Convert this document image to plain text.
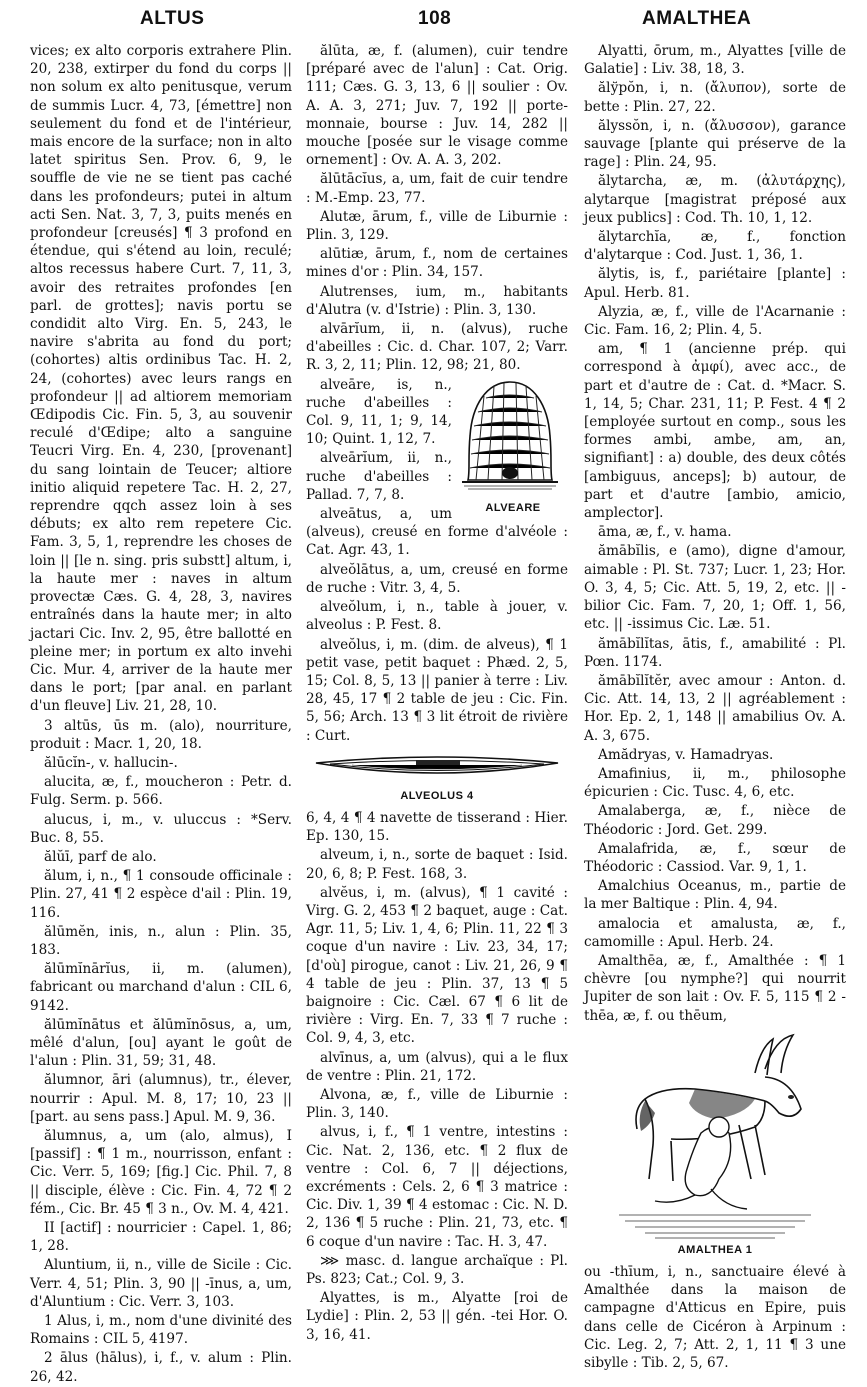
ALTUS	108	AMALTHEA

vices; ex alto corporis extrahere Plin. 20, 238, extirper du fond du corps || non solum ex alto penitusque, verum de summis Lucr. 4, 73, [émettre] non seulement du fond et de l'intérieur, mais encore de la surface; non in alto latet spiritus Sen. Prov. 6, 9, le souffle de vie ne se tient pas caché dans les profondeurs; putei in altum acti Sen. Nat. 3, 7, 3, puits menés en profondeur [creusés] ¶ 3 profond en étendue, qui s'étend au loin, reculé; altos recessus habere Curt. 7, 11, 3, avoir des retraites profondes [en parl. de grottes]; navis portu se condidit alto Virg. En. 5, 243, le navire s'abrita au fond du port; (cohortes) altis ordinibus Tac. H. 2, 24, (cohortes) avec leurs rangs en profondeur || ad altiorem memoriam Œdipodis Cic. Fin. 5, 3, au souvenir reculé d'Œdipe; alto a sanguine Teucri Virg. En. 4, 230, [provenant] du sang lointain de Teucer; altiore initio aliquid repetere Tac. H. 2, 27, reprendre qqch assez loin à ses débuts; ex alto rem repetere Cic. Fam. 3, 5, 1, reprendre les choses de loin || [le n. sing. pris substt] altum, i, la haute mer : naves in altum provectæ Cæs. G. 4, 28, 3, navires entraînés dans la haute mer; in alto jactari Cic. Inv. 2, 95, être ballotté en pleine mer; in portum ex alto invehi Cic. Mur. 4, arriver de la haute mer dans le port; [par anal. en parlant d'un fleuve] Liv. 21, 28, 10.

3 altūs, ūs m. (alo), nourriture, produit : Macr. 1, 20, 18.

ălūcĭn-, v. hallucin-.

alucita, æ, f., moucheron : Petr. d. Fulg. Serm. p. 566.

alucus, i, m., v. uluccus : *Serv. Buc. 8, 55.

ălŭī, parf de alo.

ălum, i, n., ¶ 1 consoude officinale : Plin. 27, 41 ¶ 2 espèce d'ail : Plin. 19, 116.

ălūmĕn, inis, n., alun : Plin. 35, 183.

ălūmĭnārĭus, ii, m. (alumen), fabricant ou marchand d'alun : CIL 6, 9142.

ălūmĭnātus et ălūmĭnōsus, a, um, mêlé d'alun, [ou] ayant le goût de l'alun : Plin. 31, 59; 31, 48.

ălumnor, āri (alumnus), tr., élever, nourrir : Apul. M. 8, 17; 10, 23 || [part. au sens pass.] Apul. M. 9, 36.

ălumnus, a, um (alo, almus), I [passif] : ¶ 1 m., nourrisson, enfant : Cic. Verr. 5, 169; [fig.] Cic. Phil. 7, 8 || disciple, élève : Cic. Fin. 4, 72 ¶ 2 fém., Cic. Br. 45 ¶ 3 n., Ov. M. 4, 421.

II [actif] : nourricier : Capel. 1, 86; 1, 28.

Aluntium, ii, n., ville de Sicile : Cic. Verr. 4, 51; Plin. 3, 90 || -īnus, a, um, d'Aluntium : Cic. Verr. 3, 103.

1 Alus, i, m., nom d'une divinité des Romains : CIL 5, 4197.

2 ālus (hālus), i, f., v. alum : Plin. 26, 42.

ălūta, æ, f. (alumen), cuir tendre [préparé avec de l'alun] : Cat. Orig. 111; Cæs. G. 3, 13, 6 || soulier : Ov. A. A. 3, 271; Juv. 7, 192 || porte-monnaie, bourse : Juv. 14, 282 || mouche [posée sur le visage comme ornement] : Ov. A. A. 3, 202.

ălūtācĭus, a, um, fait de cuir tendre : M.-Emp. 23, 77.

Alutæ, ārum, f., ville de Liburnie : Plin. 3, 129.

alūtiæ, ārum, f., nom de certaines mines d'or : Plin. 34, 157.

Alutrenses, ium, m., habitants d'Alutra (v. d'Istrie) : Plin. 3, 130.

alvārĭum, ii, n. (alvus), ruche d'abeilles : Cic. d. Char. 107, 2; Varr. R. 3, 2, 11; Plin. 12, 98; 21, 80.

ALVEARE

alveāre, is, n., ruche d'abeilles : Col. 9, 11, 1; 9, 14, 10; Quint. 1, 12, 7.

alveārĭum, ii, n., ruche d'abeilles : Pallad. 7, 7, 8.

alveātus, a, um (alveus), creusé en forme d'alvéole : Cat. Agr. 43, 1.

alveŏlātus, a, um, creusé en forme de ruche : Vitr. 3, 4, 5.

alveŏlum, i, n., table à jouer, v. alveolus : P. Fest. 8.

alveŏlus, i, m. (dim. de alveus), ¶ 1 petit vase, petit baquet : Phæd. 2, 5, 15; Col. 8, 5, 13 || panier à terre : Liv. 28, 45, 17 ¶ 2 table de jeu : Cic. Fin. 5, 56; Arch. 13 ¶ 3 lit étroit de rivière : Curt.

ALVEOLUS 4

6, 4, 4 ¶ 4 navette de tisserand : Hier. Ep. 130, 15.

alveum, i, n., sorte de baquet : Isid. 20, 6, 8; P. Fest. 168, 3.

alvĕus, i, m. (alvus), ¶ 1 cavité : Virg. G. 2, 453 ¶ 2 baquet, auge : Cat. Agr. 11, 5; Liv. 1, 4, 6; Plin. 11, 22 ¶ 3 coque d'un navire : Liv. 23, 34, 17; [d'où] pirogue, canot : Liv. 21, 26, 9 ¶ 4 table de jeu : Plin. 37, 13 ¶ 5 baignoire : Cic. Cæl. 67 ¶ 6 lit de rivière : Virg. En. 7, 33 ¶ 7 ruche : Col. 9, 4, 3, etc.

alvīnus, a, um (alvus), qui a le flux de ventre : Plin. 21, 172.

Alvona, æ, f., ville de Liburnie : Plin. 3, 140.

alvus, i, f., ¶ 1 ventre, intestins : Cic. Nat. 2, 136, etc. ¶ 2 flux de ventre : Col. 6, 7 || déjections, excréments : Cels. 2, 6 ¶ 3 matrice : Cic. Div. 1, 39 ¶ 4 estomac : Cic. N. D. 2, 136 ¶ 5 ruche : Plin. 21, 73, etc. ¶ 6 coque d'un navire : Tac. H. 3, 47.

⋙ masc. d. langue archaïque : Pl. Ps. 823; Cat.; Col. 9, 3.

Alyattes, is m., Alyatte [roi de Lydie] : Plin. 2, 53 || gén. -tei Hor. O. 3, 16, 41.

Alyatti, ōrum, m., Alyattes [ville de Galatie] : Liv. 38, 18, 3.

ălўpŏn, i, n. (ἄλυπον), sorte de bette : Plin. 27, 22.

ălyssŏn, i, n. (ἄλυσσον), garance sauvage [plante qui préserve de la rage] : Plin. 24, 95.

ălytarcha, æ, m. (ἀλυτάρχης), alytarque [magistrat préposé aux jeux publics] : Cod. Th. 10, 1, 12.

ălytarchĭa, æ, f., fonction d'alytarque : Cod. Just. 1, 36, 1.

ălytis, is, f., pariétaire [plante] : Apul. Herb. 81.

Alyzia, æ, f., ville de l'Acarnanie : Cic. Fam. 16, 2; Plin. 4, 5.

am, ¶ 1 (ancienne prép. qui correspond à ἀμφί), avec acc., de part et d'autre de : Cat. d. *Macr. S. 1, 14, 5; Char. 231, 11; P. Fest. 4 ¶ 2 [employée surtout en comp., sous les formes ambi, ambe, am, an, signifiant] : a) double, des deux côtés [ambiguus, anceps]; b) autour, de part et d'autre [ambio, amicio, amplector].

āma, æ, f., v. hama.

ămābĭlis, e (amo), digne d'amour, aimable : Pl. St. 737; Lucr. 1, 23; Hor. O. 3, 4, 5; Cic. Att. 5, 19, 2, etc. || -bilior Cic. Fam. 7, 20, 1; Off. 1, 56, etc. || -issimus Cic. Læ. 51.

ămābĭlĭtas, ātis, f., amabilité : Pl. Pœn. 1174.

ămābĭlĭtĕr, avec amour : Anton. d. Cic. Att. 14, 13, 2 || agréablement : Hor. Ep. 2, 1, 148 || amabilius Ov. A. A. 3, 675.

Amădryas, v. Hamadryas.

Amafinius, ii, m., philosophe épicurien : Cic. Tusc. 4, 6, etc.

Amalaberga, æ, f., nièce de Théodoric : Jord. Get. 299.

Amalafrida, æ, f., sœur de Théodoric : Cassiod. Var. 9, 1, 1.

Amalchius Oceanus, m., partie de la mer Baltique : Plin. 4, 94.

amalocia et amalusta, æ, f., camomille : Apul. Herb. 24.

Amalthēa, æ, f., Amalthée : ¶ 1 chèvre [ou nymphe?] qui nourrit Jupiter de son lait : Ov. F. 5, 115 ¶ 2 -thēa, æ, f. ou thēum,

AMALTHEA 1

ou -thīum, i, n., sanctuaire élevé à Amalthée dans la maison de campagne d'Atticus en Epire, puis dans celle de Cicéron à Arpinum : Cic. Leg. 2, 7; Att. 2, 1, 11 ¶ 3 une sibylle : Tib. 2, 5, 67.
